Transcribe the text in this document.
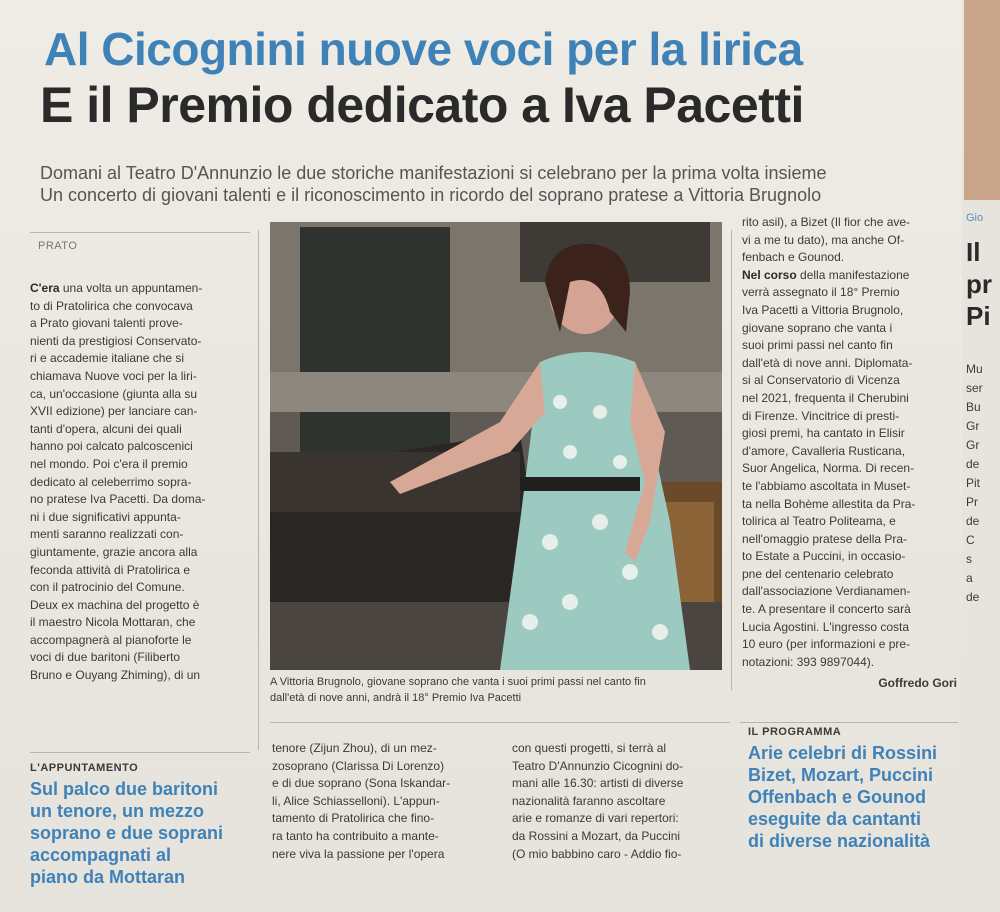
Al Cicognini nuove voci per la lirica
E il Premio dedicato a Iva Pacetti
Domani al Teatro D'Annunzio le due storiche manifestazioni si celebrano per la prima volta insieme
Un concerto di giovani talenti e il riconoscimento in ricordo del soprano pratese a Vittoria Brugnolo
PRATO
C'era una volta un appuntamen-
to di Pratolirica che convocava
a Prato giovani talenti prove-
nienti da prestigiosi Conservato-
ri e accademie italiane che si
chiamava Nuove voci per la liri-
ca, un'occasione (giunta alla su
XVII edizione) per lanciare can-
tanti d'opera, alcuni dei quali
hanno poi calcato palcoscenici
nel mondo. Poi c'era il premio
dedicato al celeberrimo sopra-
no pratese Iva Pacetti. Da doma-
ni i due significativi appunta-
menti saranno realizzati con-
giuntamente, grazie ancora alla
feconda attività di Pratolirica e
con il patrocinio del Comune.
Deux ex machina del progetto è
il maestro Nicola Mottaran, che
accompagnerà al pianoforte le
voci di due baritoni (Filiberto
Bruno e Ouyang Zhiming), di un	A Vittoria Brugnolo, giovane soprano che vanta i suoi primi passi nel canto fin
dall'età di nove anni, andrà il 18° Premio Iva Pacetti
rito asil), a Bizet (Il fior che ave-
vi a me tu dato), ma anche Of-
fenbach e Gounod.
Nel corso della manifestazione
verrà assegnato il 18° Premio
Iva Pacetti a Vittoria Brugnolo,
giovane soprano che vanta i
suoi primi passi nel canto fin
dall'età di nove anni. Diplomata-
si al Conservatorio di Vicenza
nel 2021, frequenta il Cherubini
di Firenze. Vincitrice di presti-
giosi premi, ha cantato in Elisir
d'amore, Cavalleria Rusticana,
Suor Angelica, Norma. Di recen-
te l'abbiamo ascoltata in Muset-
ta nella Bohème allestita da Pra-
tolirica al Teatro Politeama, e
nell'omaggio pratese della Pra-
to Estate a Puccini, in occasio-
pne del centenario celebrato
dall'associazione Verdianamen-
te. A presentare il concerto sarà
Lucia Agostini. L'ingresso costa
10 euro (per informazioni e pre-
notazioni: 393 9897044).
Goffredo Gori
tenore (Zijun Zhou), di un mez-
zosoprano (Clarissa Di Lorenzo)
e di due soprano (Sona Iskandar-
li, Alice Schiasselloni). L'appun-
tamento di Pratolirica che fino-
ra tanto ha contribuito a mante-
nere viva la passione per l'opera
con questi progetti, si terrà al
Teatro D'Annunzio Cicognini do-
mani alle 16.30: artisti di diverse
nazionalità faranno ascoltare
arie e romanze di vari repertori:
da Rossini a Mozart, da Puccini
(O mio babbino caro - Addio fio-
L'APPUNTAMENTO
Sul palco due baritoni
un tenore, un mezzo
soprano e due soprani
accompagnati al
piano da Mottaran
IL PROGRAMMA
Arie celebri di Rossini
Bizet, Mozart, Puccini
Offenbach e Gounod
eseguite da cantanti
di diverse nazionalità
Gio
Il
pr
Pi
Mu
ser
Bu
Gr
Gr
de
Pit
Pr
de
C
s
a
de
